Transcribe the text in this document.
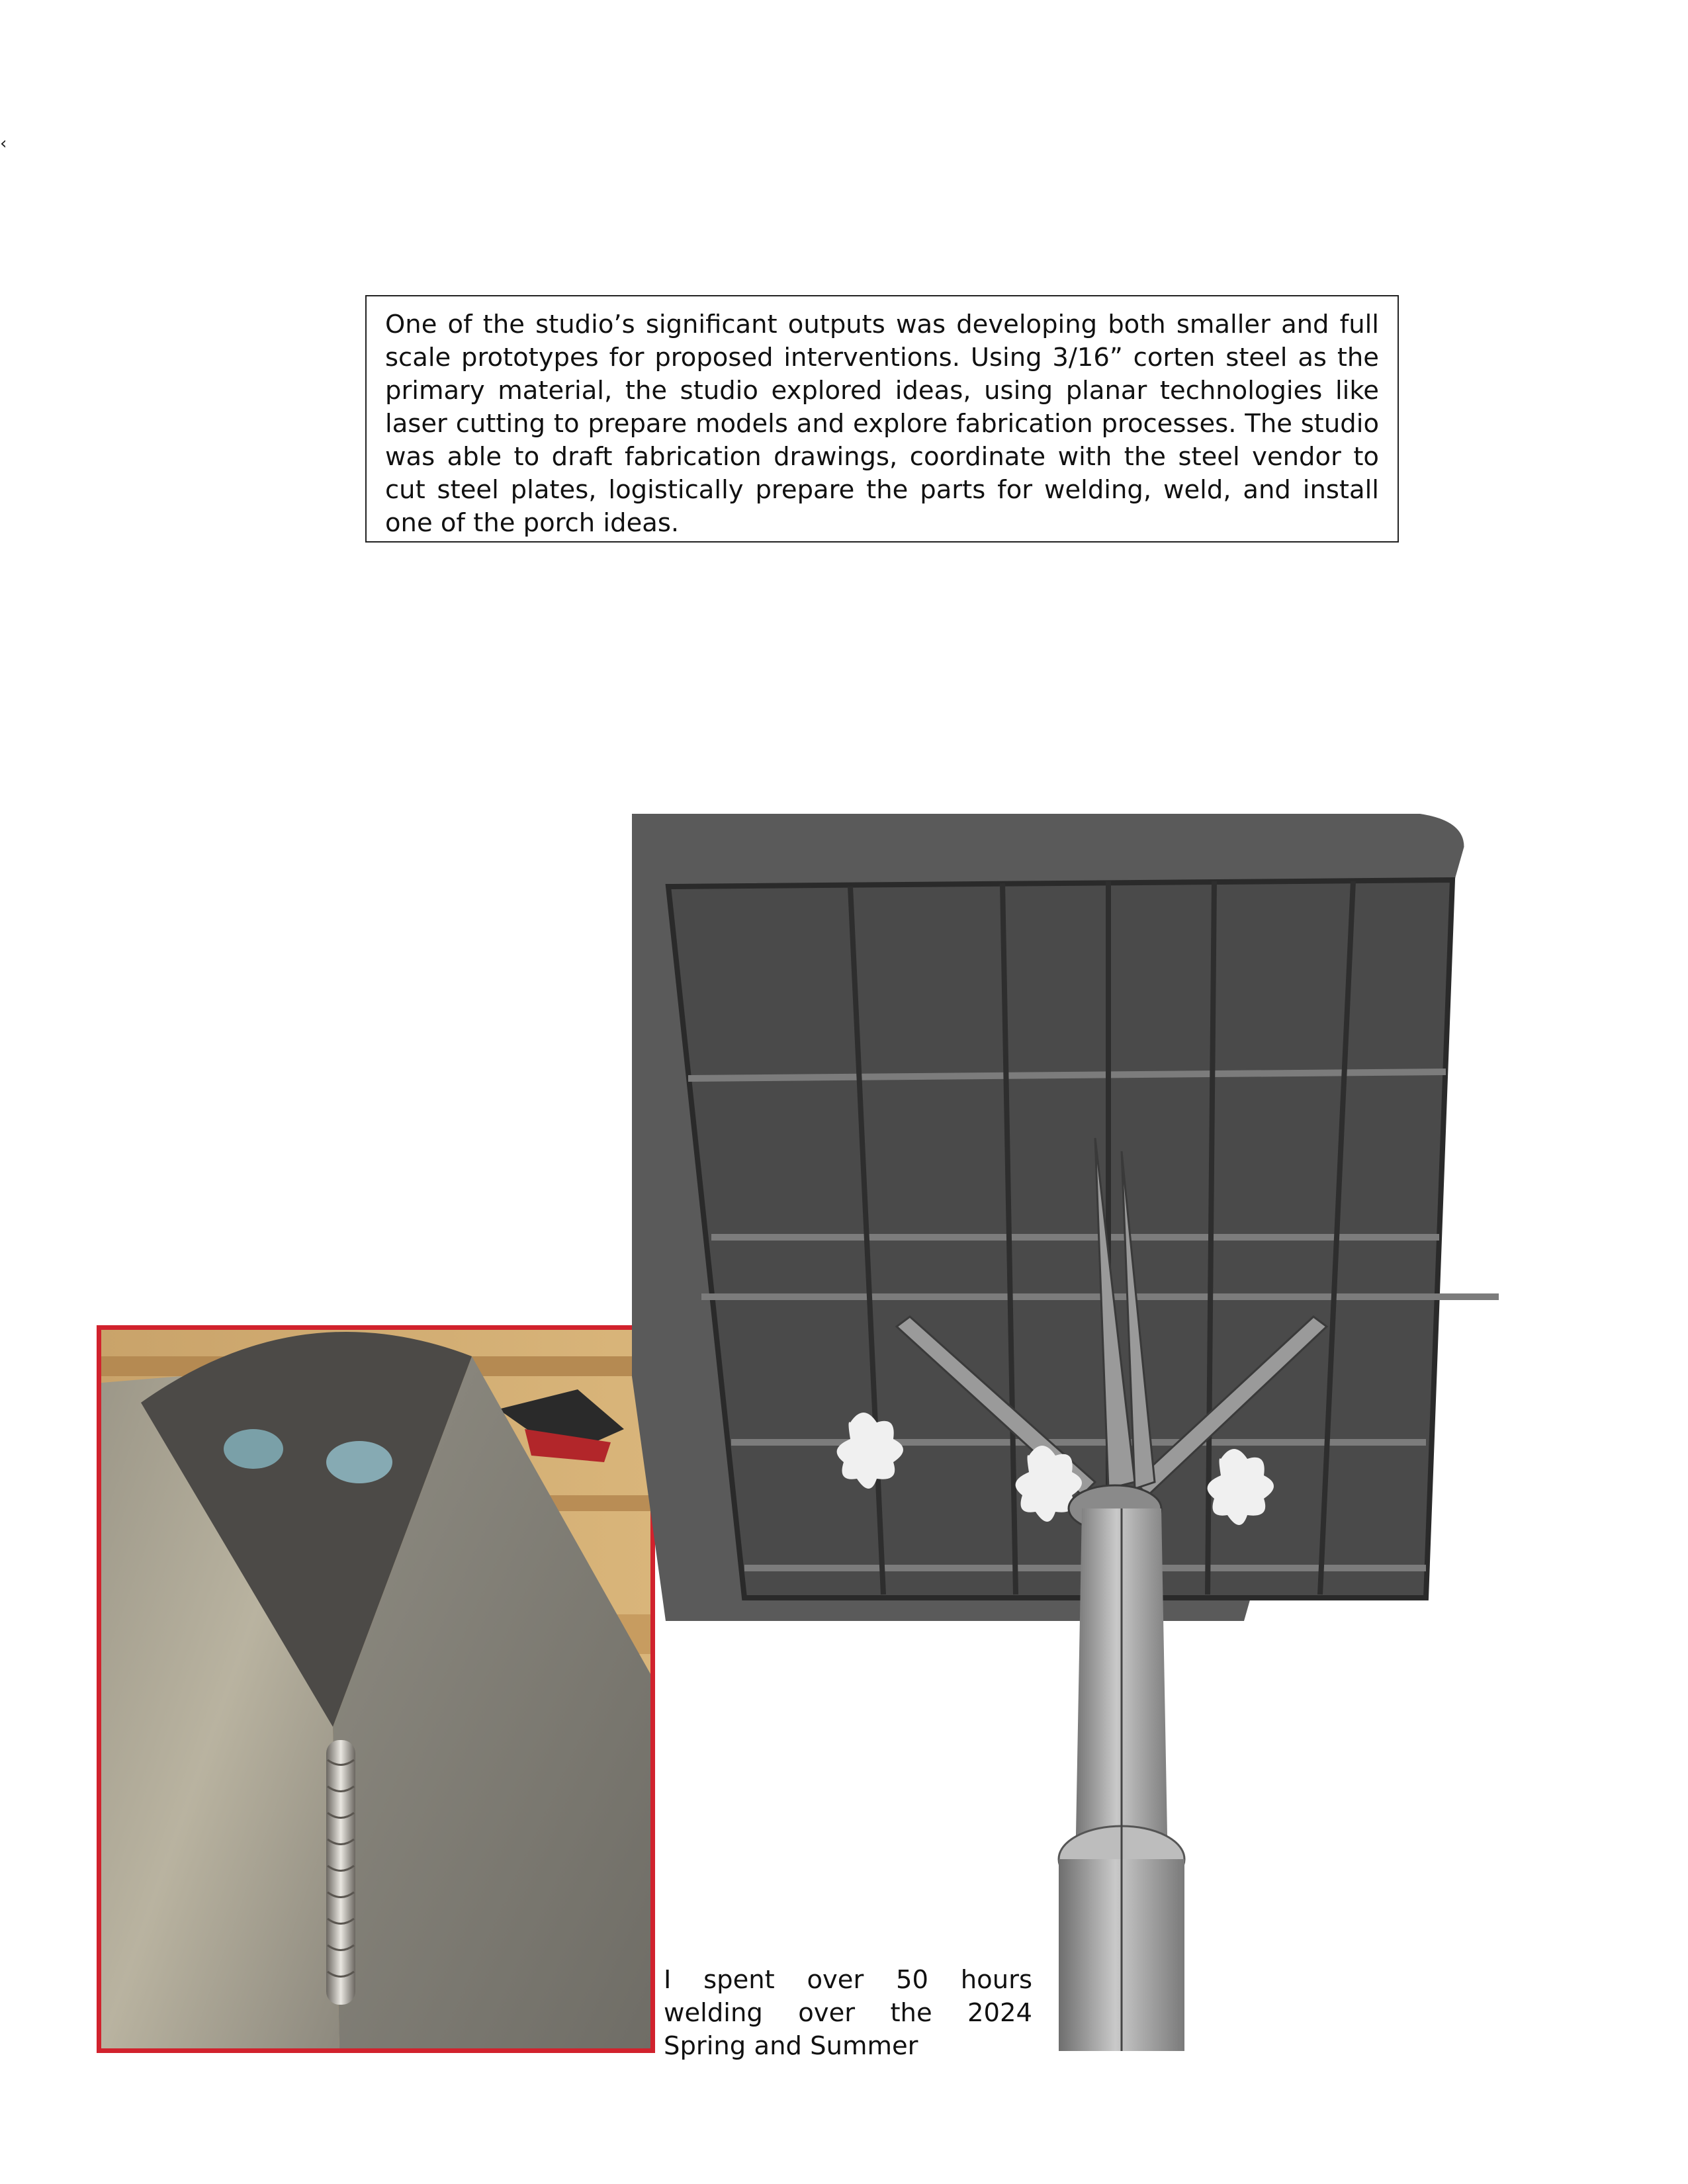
‹

One of the studio’s significant outputs was developing both smaller and full scale prototypes for proposed interventions. Using 3/16” corten steel as the primary material, the studio explored ideas, using planar technologies like laser cutting to prepare models and explore fabrication processes. The studio was able to draft fabrication drawings, coordinate with the steel vendor to cut steel plates, logistically prepare the parts for welding, weld, and install one of the porch ideas.

I spent over 50 hours welding over the 2024 Spring and Summer
